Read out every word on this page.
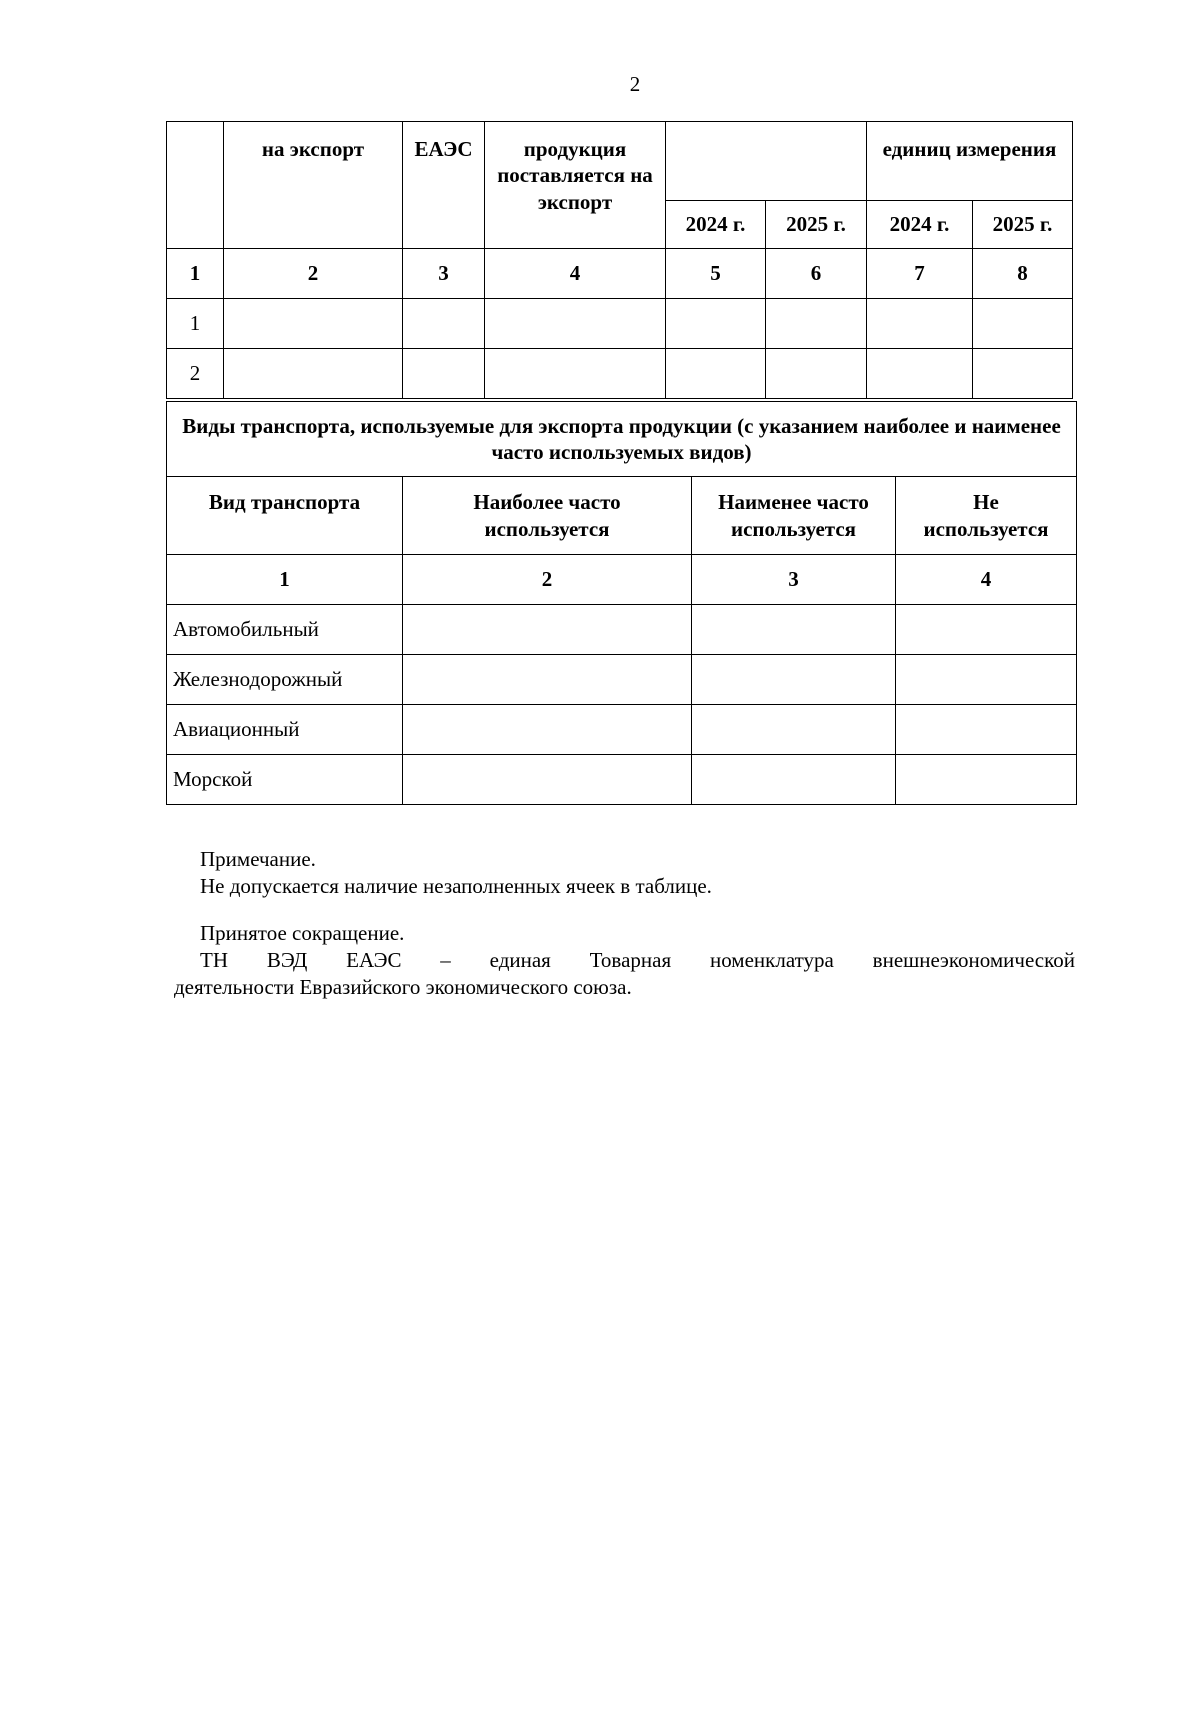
2
	на экспорт	ЕАЭС	продукция поставляется на экспорт			единиц измерения	
				2024 г.	2025 г.	2024 г.	2025 г.
1	2	3	4	5	6	7	8
1							
2							
Виды транспорта, используемые для экспорта продукции (с указанием наиболее и наименее часто используемых видов)			
Вид транспорта	Наиболее часто используется	Наименее часто используется	Не используется
1	2	3	4
Автомобильный			
Железнодорожный			
Авиационный			
Морской			
Примечание.
Не допускается наличие незаполненных ячеек в таблице.
Принятое сокращение.
ТН ВЭД ЕАЭС – единая Товарная номенклатура внешнеэкономической
деятельности Евразийского экономического союза.
